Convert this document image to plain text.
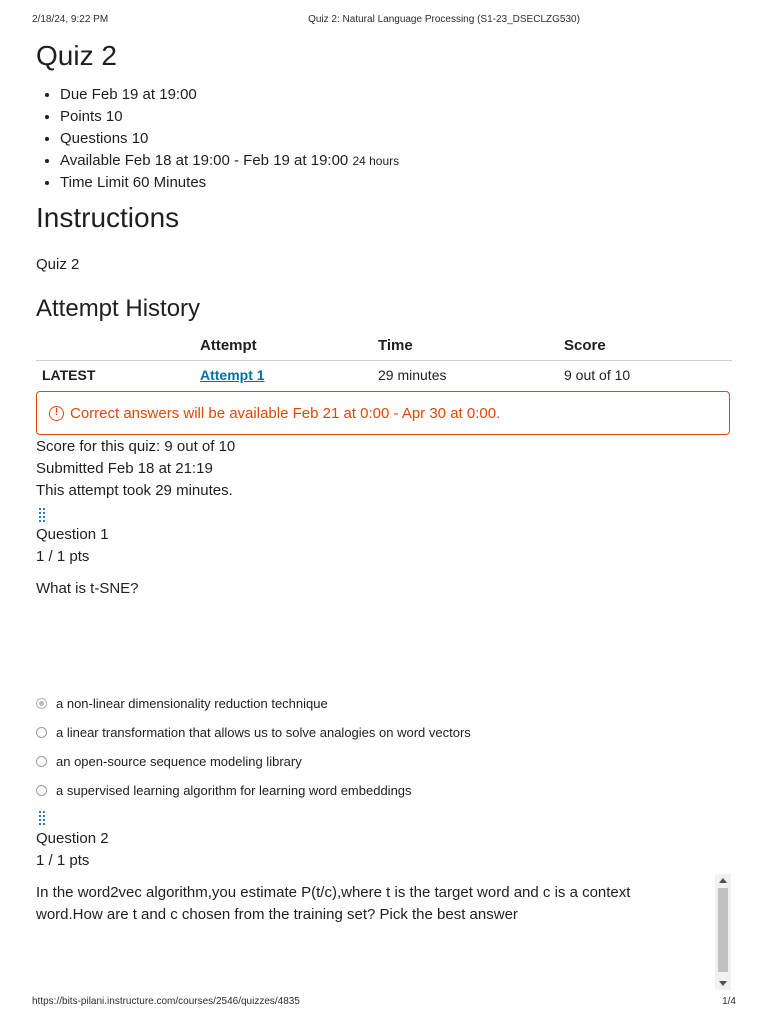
2/18/24, 9:22 PM	Quiz 2: Natural Language Processing (S1-23_DSECLZG530)
Quiz 2
• Due Feb 19 at 19:00
• Points 10
• Questions 10
• Available Feb 18 at 19:00 - Feb 19 at 19:00 24 hours
• Time Limit 60 Minutes
Instructions
Quiz 2
Attempt History
	Attempt	Time	Score
LATEST	Attempt 1	29 minutes	9 out of 10
! Correct answers will be available Feb 21 at 0:00 - Apr 30 at 0:00.
Score for this quiz: 9 out of 10
Submitted Feb 18 at 21:19
This attempt took 29 minutes.
Question 1
1 / 1 pts
What is t-SNE?
a non-linear dimensionality reduction technique
a linear transformation that allows us to solve analogies on word vectors
an open-source sequence modeling library
a supervised learning algorithm for learning word embeddings
Question 2
1 / 1 pts
In the word2vec algorithm,you estimate P(t/c),where t is the target word and c is a context word.How are t and c chosen from the training set? Pick the best answer
https://bits-pilani.instructure.com/courses/2546/quizzes/4835	1/4
